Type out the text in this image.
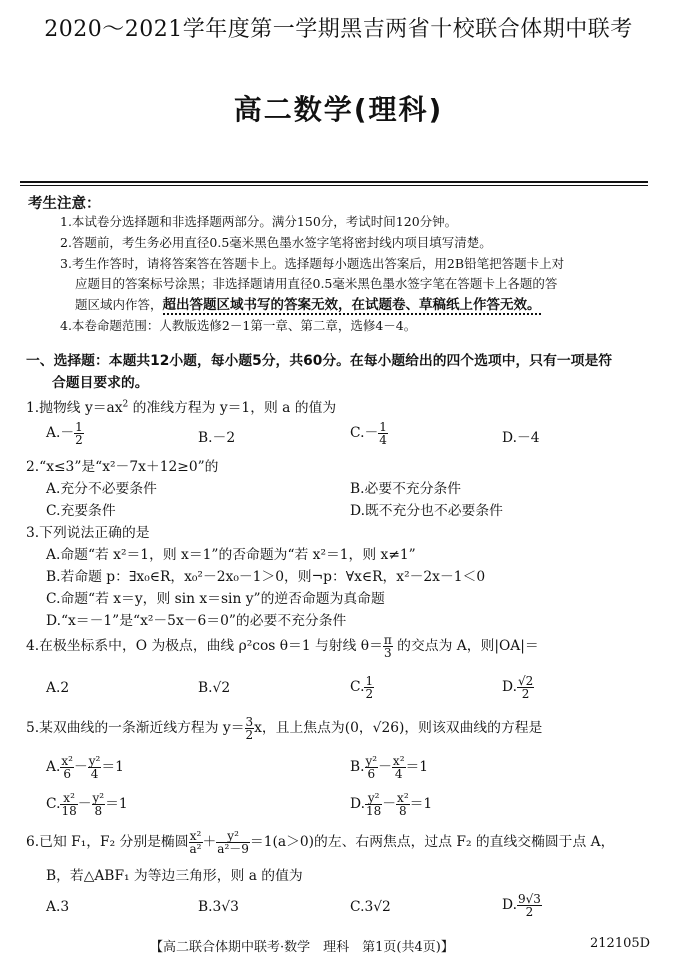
2020～2021学年度第一学期黑吉两省十校联合体期中联考
高二数学(理科)
考生注意：
1.本试卷分选择题和非选择题两部分。满分150分，考试时间120分钟。
2.答题前，考生务必用直径0.5毫米黑色墨水签字笔将密封线内项目填写清楚。
3.考生作答时，请将答案答在答题卡上。选择题每小题选出答案后，用2B铅笔把答题卡上对
应题目的答案标号涂黑；非选择题请用直径0.5毫米黑色墨水签字笔在答题卡上各题的答
题区域内作答，超出答题区域书写的答案无效，在试题卷、草稿纸上作答无效。
4.本卷命题范围：人教版选修2－1第一章、第二章，选修4－4。
一、选择题：本题共12小题，每小题5分，共60分。在每小题给出的四个选项中，只有一项是符
合题目要求的。
1.抛物线 $y=ax^2$ 的准线方程为 y＝1，则 a 的值为
$A.- \frac{1}{2}$	B.－2	$C.- \frac{1}{4}$	D.－4
2.“x≤3”是“x²－7x＋12≥0”的
A.充分不必要条件	B.必要不充分条件
C.充要条件	D.既不充分也不必要条件
3.下列说法正确的是
A.命题“若 x²＝1，则 x＝1”的否命题为“若 x²＝1，则 x≠1”
B.若命题 p：∃x₀∈R，x₀²－2x₀－1＞0，则¬p：∀x∈R，x²－2x－1＜0
C.命题“若 x＝y，则 sin x＝sin y”的逆否命题为真命题
D.“x＝－1”是“x²－5x－6＝0”的必要不充分条件
4.在极坐标系中，O 为极点，曲线 ρ²cos θ＝1 与射线 $\theta= \frac{\pi}{3}$ 的交点为 A，则|OA|＝
A.2	B.√2	C. $\frac{1}{2}$	D. $\frac{√2}{2}$
5.某双曲线的一条渐近线方程为 $y= \frac{3}{2}$ x，且上焦点为(0，√26)，则该双曲线的方程是
A. $\frac{\text{x²}}{6} - \frac{\text{y²}}{4} =1$	B. $\frac{\text{y²}}{6} - \frac{\text{x²}}{4} =1$
C. $\frac{\text{x²}}{18} - \frac{\text{y²}}{8} =1$	D. $\frac{\text{y²}}{18} - \frac{\text{x²}}{8} =1$
6.已知 F₁，F₂ 分别是椭圆 $\frac{\text{x²}}{\text{a²}} + \frac{\text{y²}}{\text{a²－9}} =1(a>0)$的左、右两焦点，过点 F₂ 的直线交椭圆于点 A，
B，若△ABF₁ 为等边三角形，则 a 的值为
A.3	B.3√3	C.3√2	D. $\frac{9√3}{2}$
【高二联合体期中联考·数学　理科　第1页(共4页)】	212105D
